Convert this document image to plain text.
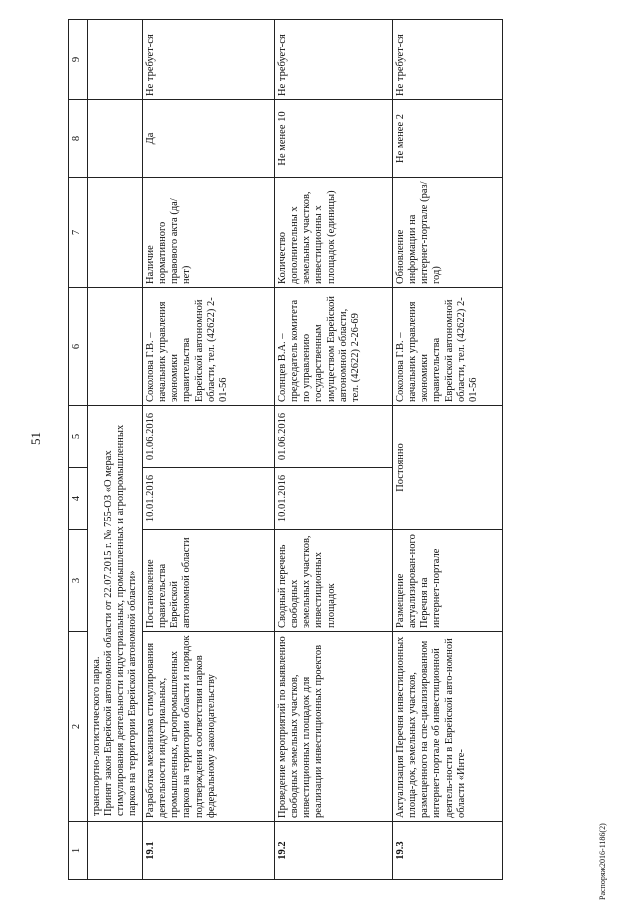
51
1	2	3	4	5	6	7	8	9

	транспортно-логистического парка. Принят закон Еврейской автономной области от 22.07.2015 г. № 755-ОЗ «О мерах стимулирования деятельности индустриальных, промышленных и агропромышленных парков на территории Еврейской автономной области»							

19.1	Разработка механизма стимулирования деятельности индустриальных, промышленных, агропромышленных парков на территории области и порядок подтверждения соответствия парков федеральному законодательству	Постановление правительства Еврейской автономной области	10.01.2016	01.06.2016	Соколова Г.В. – начальник управления экономики правительства Еврейской автономной области, тел. (42622) 2-01-56	Наличие нормативного правового акта (да/нет)	Да	Не требует-ся
19.2	Проведение мероприятий по выявлению свободных земельных участков, инвестиционных площадок для реализации инвестиционных проектов	Сводный перечень свободных земельных участков, инвестиционных площадок	10.01.2016	01.06.2016	Солнцев В.А. – председатель комитета по управлению государственным имуществом Еврейской автономной области, тел. (42622) 2-26-69	Количество дополнительны х земельных участков, инвестиционны х площадок (единицы)	Не менее 10	Не требует-ся
19.3	Актуализация Перечня инвестиционных площа-док, земельных участков, размещенного на спе-циализированном интернет-портале об инвестиционной деятель-ности в Еврейской авто-номной области «Инте-	Размещение актуализирован-ного Перечня на интернет-портале	Постоянно		Соколова Г.В. – начальник управления экономики правительства Еврейской автономной области, тел. (42622) 2-01-56	Обновление информации на интернет-портале (раз/год)	Не менее 2	Не требует-ся
Распоряж2016-1186(2)
